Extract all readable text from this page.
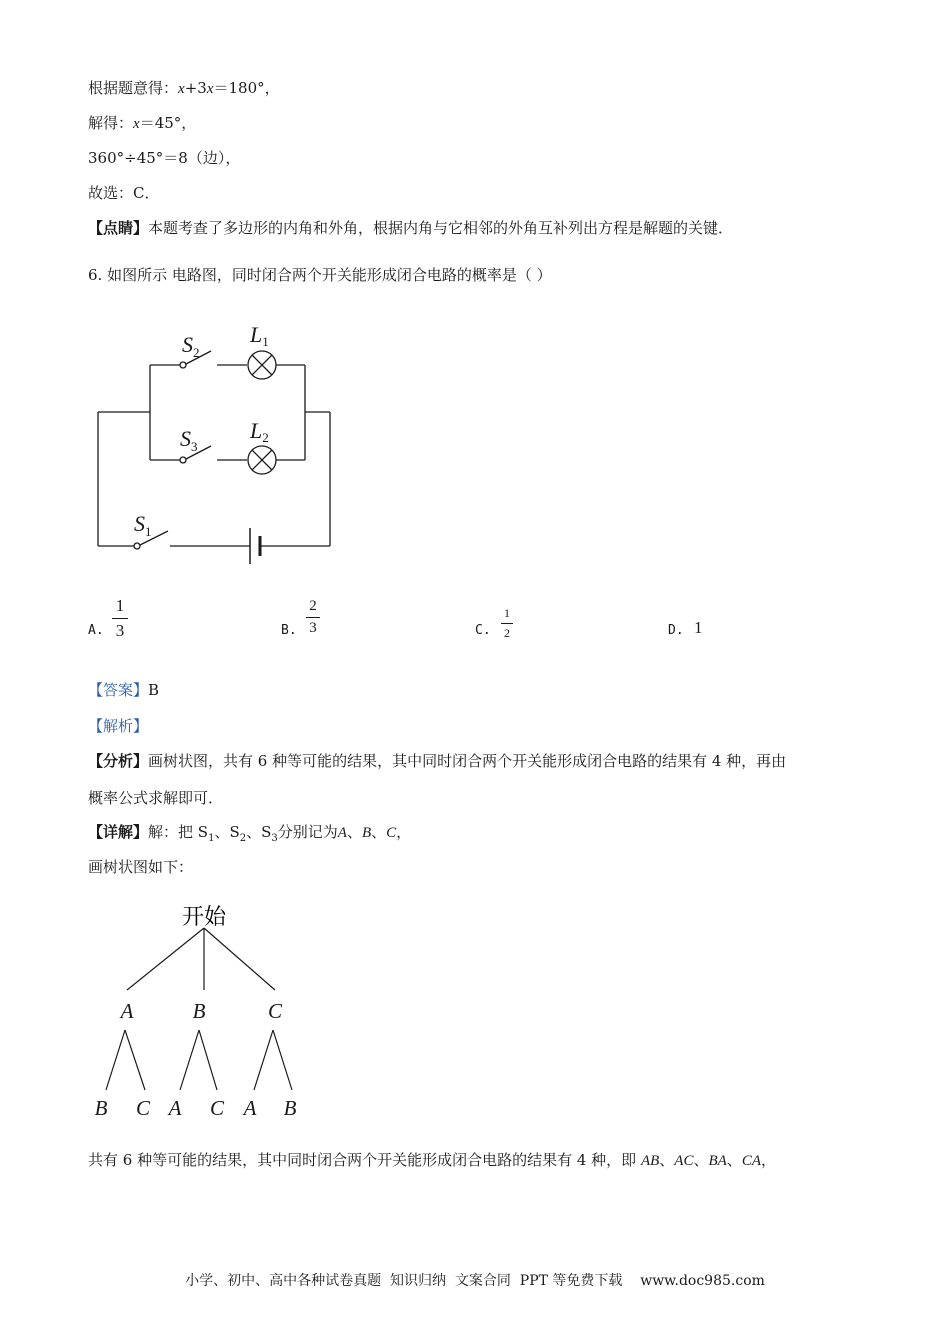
根据题意得：x+3x＝180°，
解得：x＝45°，
360°÷45°＝8（边），
故选：C．
【点睛】本题考查了多边形的内角和外角，根据内角与它相邻的外角互补列出方程是解题的关键．
6. 如图所示 电路图，同时闭合两个开关能形成闭合电路的概率是（ ）
$S_2$
L1
$S_3$
L2
$S_1$
A.
1
3	B.
2
3	C.
1
2	D. 1
【答案】B
【解析】
【分析】画树状图，共有 6 种等可能的结果，其中同时闭合两个开关能形成闭合电路的结果有 4 种，再由
概率公式求解即可．
【详解】解：把 $S_1$、$S_2$、$S_3$分别记为A、B、C，
画树状图如下：
开始
A	B	C
B C A C A B
共有 6 种等可能的结果，其中同时闭合两个开关能形成闭合电路的结果有 4 种，即 AB、AC、BA、CA，
小学、初中、高中各种试卷真题  知识归纳  文案合同  PPT 等免费下载    www.doc985.com
